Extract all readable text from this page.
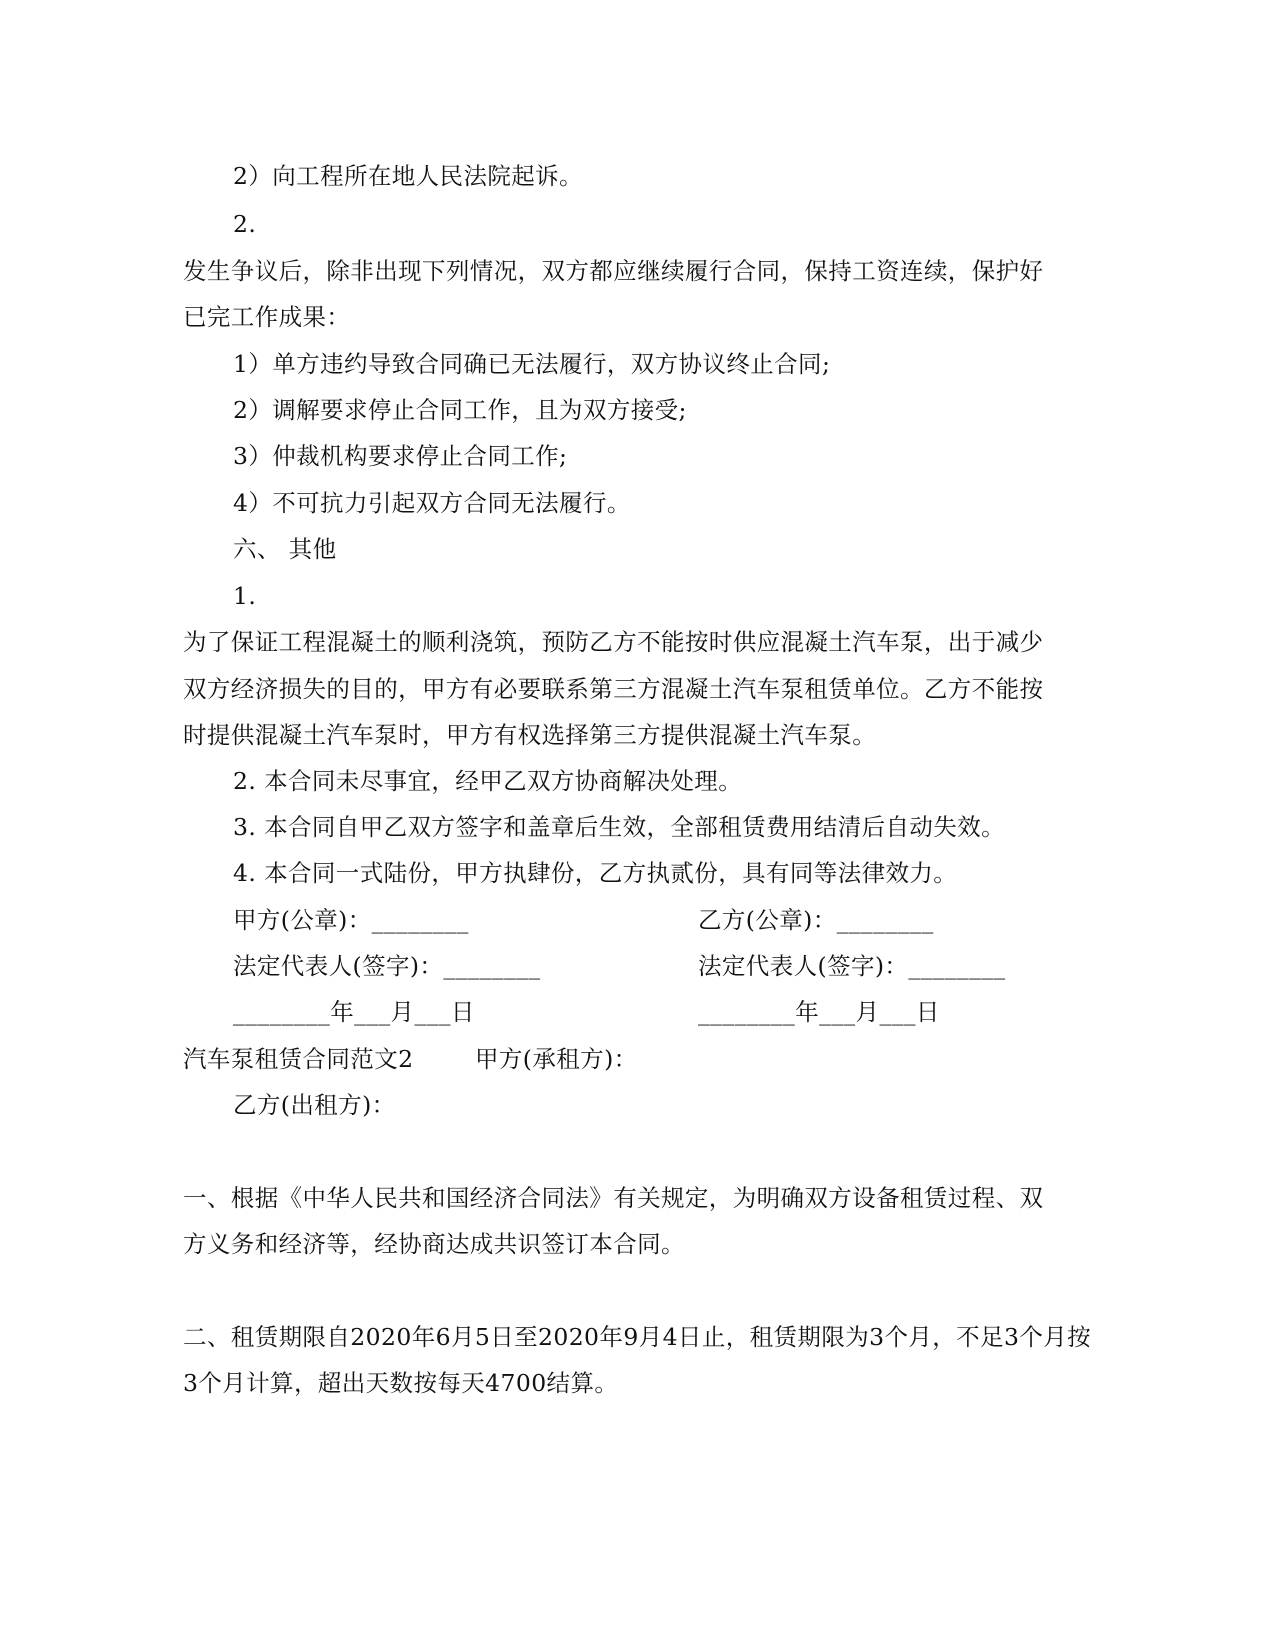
2）向工程所在地人民法院起诉。
2.
发生争议后，除非出现下列情况，双方都应继续履行合同，保持工资连续，保护好
已完工作成果：
1）单方违约导致合同确已无法履行，双方协议终止合同;
2）调解要求停止合同工作，且为双方接受;
3）仲裁机构要求停止合同工作;
4）不可抗力引起双方合同无法履行。
六、 其他
1.
为了保证工程混凝土的顺利浇筑，预防乙方不能按时供应混凝土汽车泵，出于减少
双方经济损失的目的，甲方有必要联系第三方混凝土汽车泵租赁单位。乙方不能按
时提供混凝土汽车泵时，甲方有权选择第三方提供混凝土汽车泵。
2. 本合同未尽事宜，经甲乙双方协商解决处理。
3. 本合同自甲乙双方签字和盖章后生效，全部租赁费用结清后自动失效。
4. 本合同一式陆份，甲方执肆份，乙方执贰份，具有同等法律效力。
甲方(公章)：________	乙方(公章)：________
法定代表人(签字)：________	法定代表人(签字)：________
________年___月___日	________年___月___日
汽车泵租赁合同范文2	甲方(承租方)：
乙方(出租方)：
一、根据《中华人民共和国经济合同法》有关规定，为明确双方设备租赁过程、双
方义务和经济等，经协商达成共识签订本合同。
二、租赁期限自2020年6月5日至2020年9月4日止，租赁期限为3个月，不足3个月按
3个月计算，超出天数按每天4700结算。
